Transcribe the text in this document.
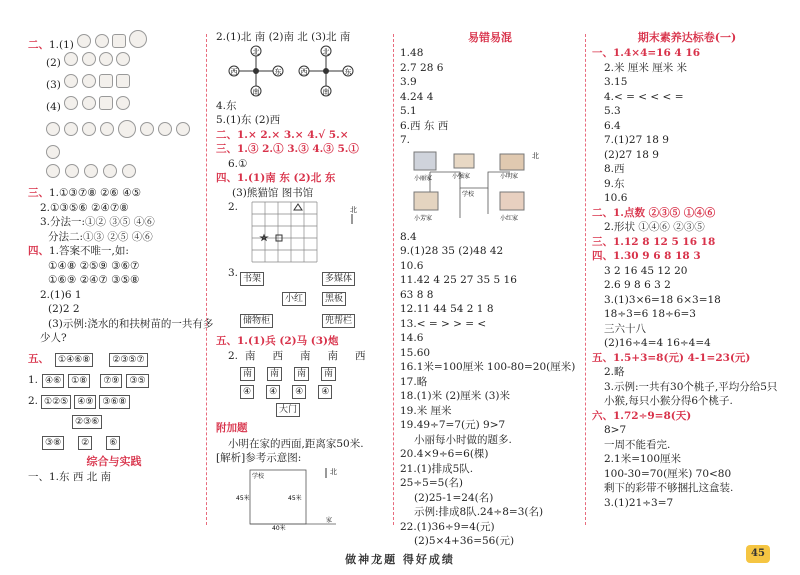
二、1.(1)
(2)
(3)
(4)
三、1.①③⑦⑧ ②⑥ ④⑤
2.①③⑤⑥ ②④⑦⑧
3.分法一:①② ③⑤ ④⑥
分法二:①③ ②⑤ ④⑥
四、1.答案不唯一,如:
①④⑧ ②⑤⑨ ③⑥⑦
①⑥⑨ ②④⑦ ③⑤⑧
2.(1)6 1
(2)2 2
(3)示例:浇水的和扶树苗的一共有多
少人?
五、	①④⑥⑧	②③⑤⑦
1. ④⑥	①⑧	⑦⑨	③⑤
2. ①②⑤	④⑨	③⑥⑧
②③⑥
③⑧	②	⑥
综合与实践
一、1.东 西 北 南
2.(1)北 南 (2)南 北 (3)北 南
北
东
南
西
北
东
南
西
4.东
5.(1)东 (2)西
二、1.× 2.× 3.× 4.√ 5.×
三、1.③ 2.① 3.③ 4.③ 5.①
6.①
四、1.(1)南 东 (2)北 东
(3)熊猫馆 图书馆
2.	北
3. 书架	多媒体
小红	黑板
储物柜	兜帮栏
五、1.(1)兵 (2)马 (3)炮
2. 南 西 南 南 西
南	南	南	南
④	④	④	④
大门
附加题
小明在家的西面,距离家50米.
[解析]参考示意图:
北
学校
家
45米	45米
40米
易错易混
1.48
2.7 28 6
3.9
4.24 4
5.1
6.西 东 西
7.
小丽家	小强家	小明家
学校
小芳家	小红家
北
8.4
9.(1)28 35 (2)48 42
10.6
11.42 4 25 27 35 5 16
63 8 8
12.11 44 54 2 1 8
13.< = > > = <
14.6
15.60
16.1米=100厘米 100-80=20(厘米)
17.略
18.(1)米 (2)厘米 (3)米
19.米 厘米
19.49÷7=7(元) 9>7
小丽每小时做的题多.
20.4×9÷6=6(棵)
21.(1)排成5队.
25÷5=5(名)
(2)25-1=24(名)
示例:排成8队.24÷8=3(名)
22.(1)36÷9=4(元)
(2)5×4+36=56(元)
期末素养达标卷(一)
一、1.4×4=16 4 16
2.米 厘米 厘米 米
3.15
4.< = < < < =
5.3
6.4
7.(1)27 18 9
(2)27 18 9
8.西
9.东
10.6
二、1.点数 ②③⑤ ①④⑥
2.形状 ①④⑥ ②③⑤
三、1.12 8 12 5 16 18
四、1.30 9 6 8 18 3
3 2 16 45 12 20
2.6 9 8 6 3 2
3.(1)3×6=18 6×3=18
18÷3=6 18÷6=3
三六十八
(2)16÷4=4 16÷4=4
五、1.5+3=8(元) 4-1=23(元)
2.略
3.示例:一共有30个桃子,平均分给5只
小猴,每只小猴分得6个桃子.
六、1.72÷9=8(天)
8>7
一周不能看完.
2.1米=100厘米
100-30=70(厘米) 70<80
剩下的彩带不够捆扎这盒装.
3.(1)21÷3=7
做神龙题 得好成绩	45
